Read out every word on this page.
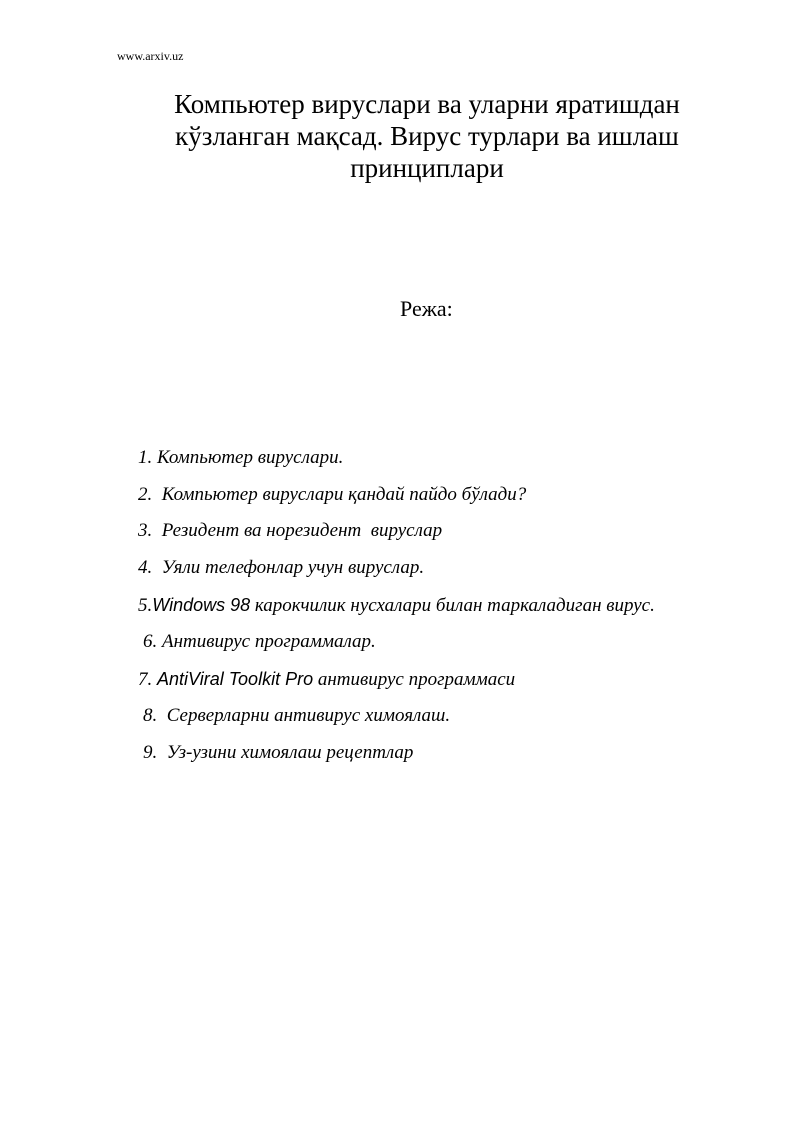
www.arxiv.uz
Компьютер вируслари ва уларни яратишдан
кўзланган мақсад. Вирус турлари ва ишлаш
принциплари
Режа:
1. Компьютер вируслари.
2.  Компьютер вируслари қандай пайдо бўлади?
3.  Резидент ва норезидент  вируслар
4.  Уяли телефонлар учун вируслар.
5.Windows 98 карокчилик нусхалари билан таркаладиган вирус.
6. Антивирус программалар.
7. AntiViral Toolkit Pro антивирус программаси
8.  Серверларни антивирус химоялаш.
9.  Уз-узини химоялаш рецептлар
